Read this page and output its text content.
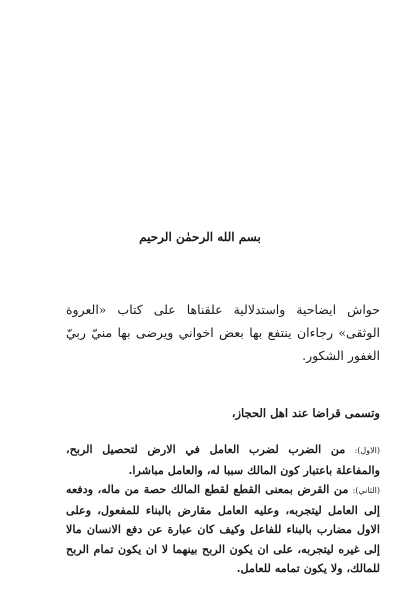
بسم الله الرحمٰن الرحيم
حواش ايضاحية واستدلالية علقناها على كتاب «العروة الوثقى» رجاءان ينتفع بها بعض اخواني ويرضى بها منيّ ربيّ الغفور الشكور.
وتسمى قراضا عند اهل الحجاز،
(الاول): من الضرب لضرب العامل في الارض لتحصيل الربح، والمفاعلة باعتبار كون المالك سببا له، والعامل مباشرا.
(الثاني): من القرض بمعنى القطع لقطع المالك حصة من ماله، ودفعه إلى العامل ليتجربه، وعليه العامل مقارض بالبناء للمفعول، وعلى الاول مضارب بالبناء للفاعل وكيف كان عبارة عن دفع الانسان مالا إلى غيره ليتجربه، على ان يكون الربح بينهما لا ان يكون تمام الربح للمالك، ولا يكون تمامه للعامل.
